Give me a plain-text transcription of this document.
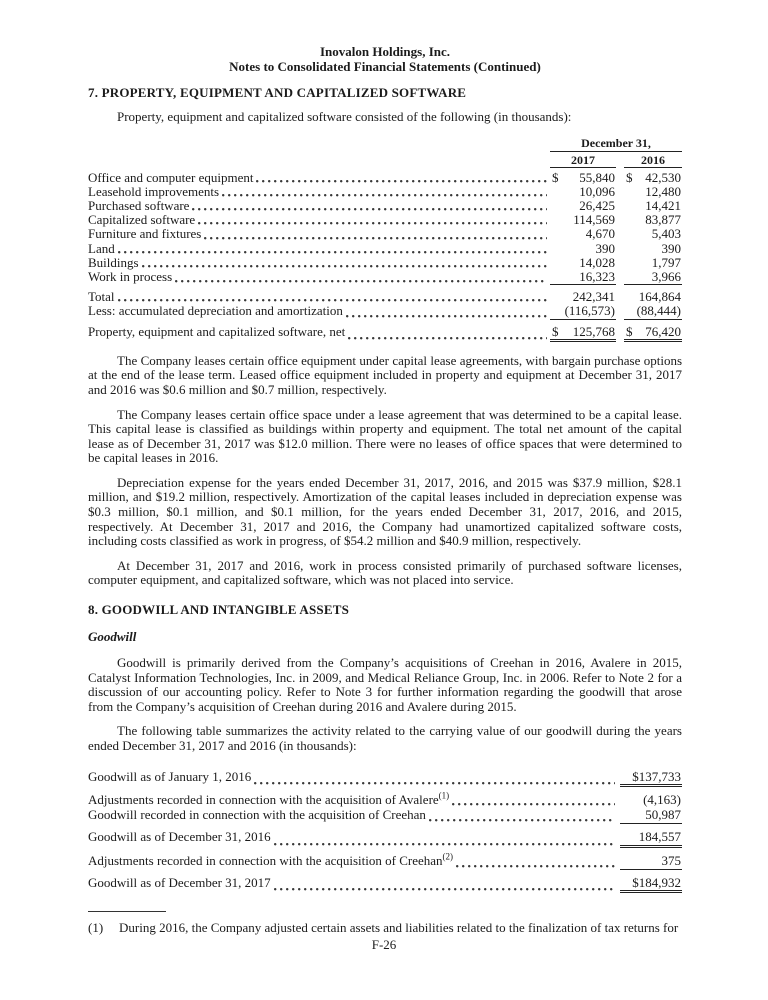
Inovalon Holdings, Inc.
Notes to Consolidated Financial Statements (Continued)
7. PROPERTY, EQUIPMENT AND CAPITALIZED SOFTWARE
Property, equipment and capitalized software consisted of the following (in thousands):
December 31,
2017	2016
Office and computer equipment	$ 55,840 $ 42,530
Leasehold improvements	10,096 12,480
Purchased software	26,425 14,421
Capitalized software	114,569 83,877
Furniture and fixtures	4,670	5,403
Land	390	390
Buildings	14,028	1,797
Work in process	16,323	3,966
Total	242,341 164,864
Less: accumulated depreciation and amortization	(116,573) (88,444)
Property, equipment and capitalized software, net	$ 125,768 $ 76,420

The Company leases certain office equipment under capital lease agreements, with bargain purchase options at the end of the lease term. Leased office equipment included in property and equipment at December 31, 2017 and 2016 was $0.6 million and $0.7 million, respectively.

The Company leases certain office space under a lease agreement that was determined to be a capital lease. This capital lease is classified as buildings within property and equipment. The total net amount of the capital lease as of December 31, 2017 was $12.0 million. There were no leases of office spaces that were determined to be capital leases in 2016.

Depreciation expense for the years ended December 31, 2017, 2016, and 2015 was $37.9 million, $28.1 million, and $19.2 million, respectively. Amortization of the capital leases included in depreciation expense was $0.3 million, $0.1 million, and $0.1 million, for the years ended December 31, 2017, 2016, and 2015, respectively. At December 31, 2017 and 2016, the Company had unamortized capitalized software costs, including costs classified as work in progress, of $54.2 million and $40.9 million, respectively.

At December 31, 2017 and 2016, work in process consisted primarily of purchased software licenses, computer equipment, and capitalized software, which was not placed into service.

8. GOODWILL AND INTANGIBLE ASSETS
Goodwill

Goodwill is primarily derived from the Company’s acquisitions of Creehan in 2016, Avalere in 2015, Catalyst Information Technologies, Inc. in 2009, and Medical Reliance Group, Inc. in 2006. Refer to Note 2 for a discussion of our accounting policy. Refer to Note 3 for further information regarding the goodwill that arose from the Company’s acquisition of Creehan during 2016 and Avalere during 2015.

The following table summarizes the activity related to the carrying value of our goodwill during the years ended December 31, 2017 and 2016 (in thousands):

Goodwill as of January 1, 2016	$137,733
Adjustments recorded in connection with the acquisition of Avalere$^{(1)}$	(4,163)
Goodwill recorded in connection with the acquisition of Creehan	50,987
Goodwill as of December 31, 2016	184,557
Adjustments recorded in connection with the acquisition of Creehan$^{(2)}$	375
Goodwill as of December 31, 2017	$184,932
(1)	During 2016, the Company adjusted certain assets and liabilities related to the finalization of tax returns for
F-26
